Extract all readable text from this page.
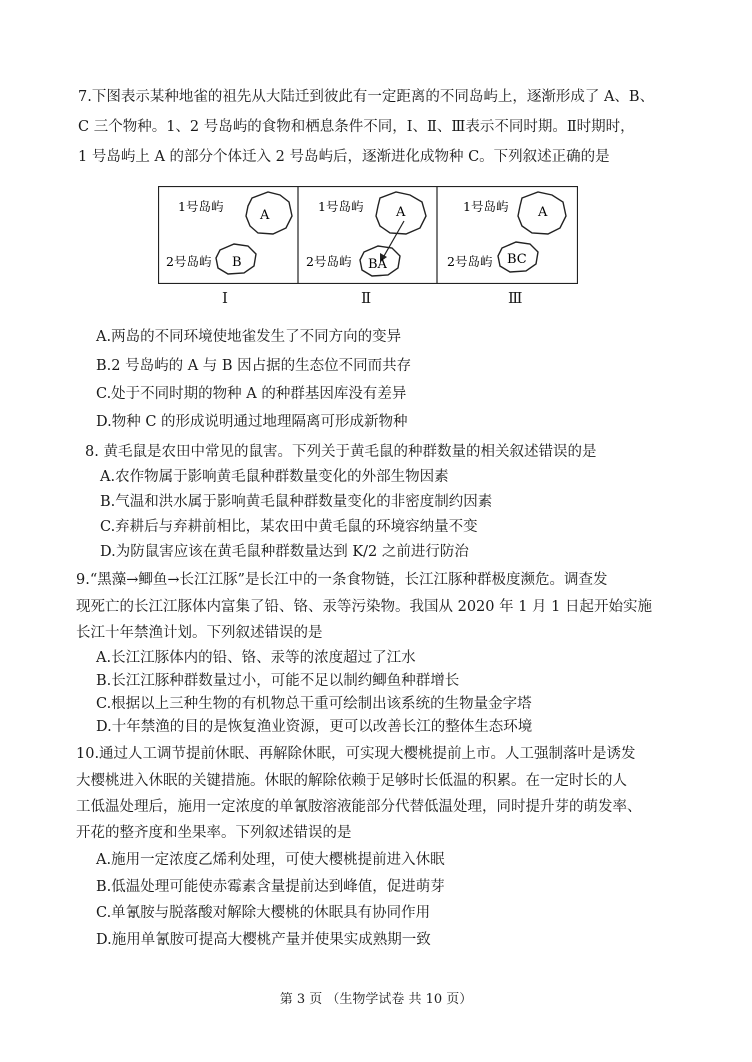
7.下图表示某种地雀的祖先从大陆迁到彼此有一定距离的不同岛屿上，逐渐形成了 A、B、
C 三个物种。1、2 号岛屿的食物和栖息条件不同，Ⅰ、Ⅱ、Ⅲ表示不同时期。Ⅱ时期时，
1 号岛屿上 A 的部分个体迁入 2 号岛屿后，逐渐进化成物种 C。下列叙述正确的是
1号岛屿
A
2号岛屿 B
1号岛屿	A
2号岛屿 BA
1号岛屿 A
2号岛屿 BC
Ⅰ	Ⅱ	Ⅲ
A.两岛的不同环境使地雀发生了不同方向的变异
B.2 号岛屿的 A 与 B 因占据的生态位不同而共存
C.处于不同时期的物种 A 的种群基因库没有差异
D.物种 C 的形成说明通过地理隔离可形成新物种
8. 黄毛鼠是农田中常见的鼠害。下列关于黄毛鼠的种群数量的相关叙述错误的是
A.农作物属于影响黄毛鼠种群数量变化的外部生物因素
B.气温和洪水属于影响黄毛鼠种群数量变化的非密度制约因素
C.弃耕后与弃耕前相比，某农田中黄毛鼠的环境容纳量不变
D.为防鼠害应该在黄毛鼠种群数量达到 K/2 之前进行防治
9.“黑藻→鲫鱼→长江江豚”是长江中的一条食物链，长江江豚种群极度濒危。调查发
现死亡的长江江豚体内富集了铅、铬、汞等污染物。我国从 2020 年 1 月 1 日起开始实施
长江十年禁渔计划。下列叙述错误的是
A.长江江豚体内的铅、铬、汞等的浓度超过了江水
B.长江江豚种群数量过小，可能不足以制约鲫鱼种群增长
C.根据以上三种生物的有机物总干重可绘制出该系统的生物量金字塔
D.十年禁渔的目的是恢复渔业资源，更可以改善长江的整体生态环境
10.通过人工调节提前休眠、再解除休眠，可实现大樱桃提前上市。人工强制落叶是诱发
大樱桃进入休眠的关键措施。休眠的解除依赖于足够时长低温的积累。在一定时长的人
工低温处理后，施用一定浓度的单氰胺溶液能部分代替低温处理，同时提升芽的萌发率、
开花的整齐度和坐果率。下列叙述错误的是
A.施用一定浓度乙烯利处理，可使大樱桃提前进入休眠
B.低温处理可能使赤霉素含量提前达到峰值，促进萌芽
C.单氰胺与脱落酸对解除大樱桃的休眠具有协同作用
D.施用单氰胺可提高大樱桃产量并使果实成熟期一致
第 3 页 （生物学试卷 共 10 页）
